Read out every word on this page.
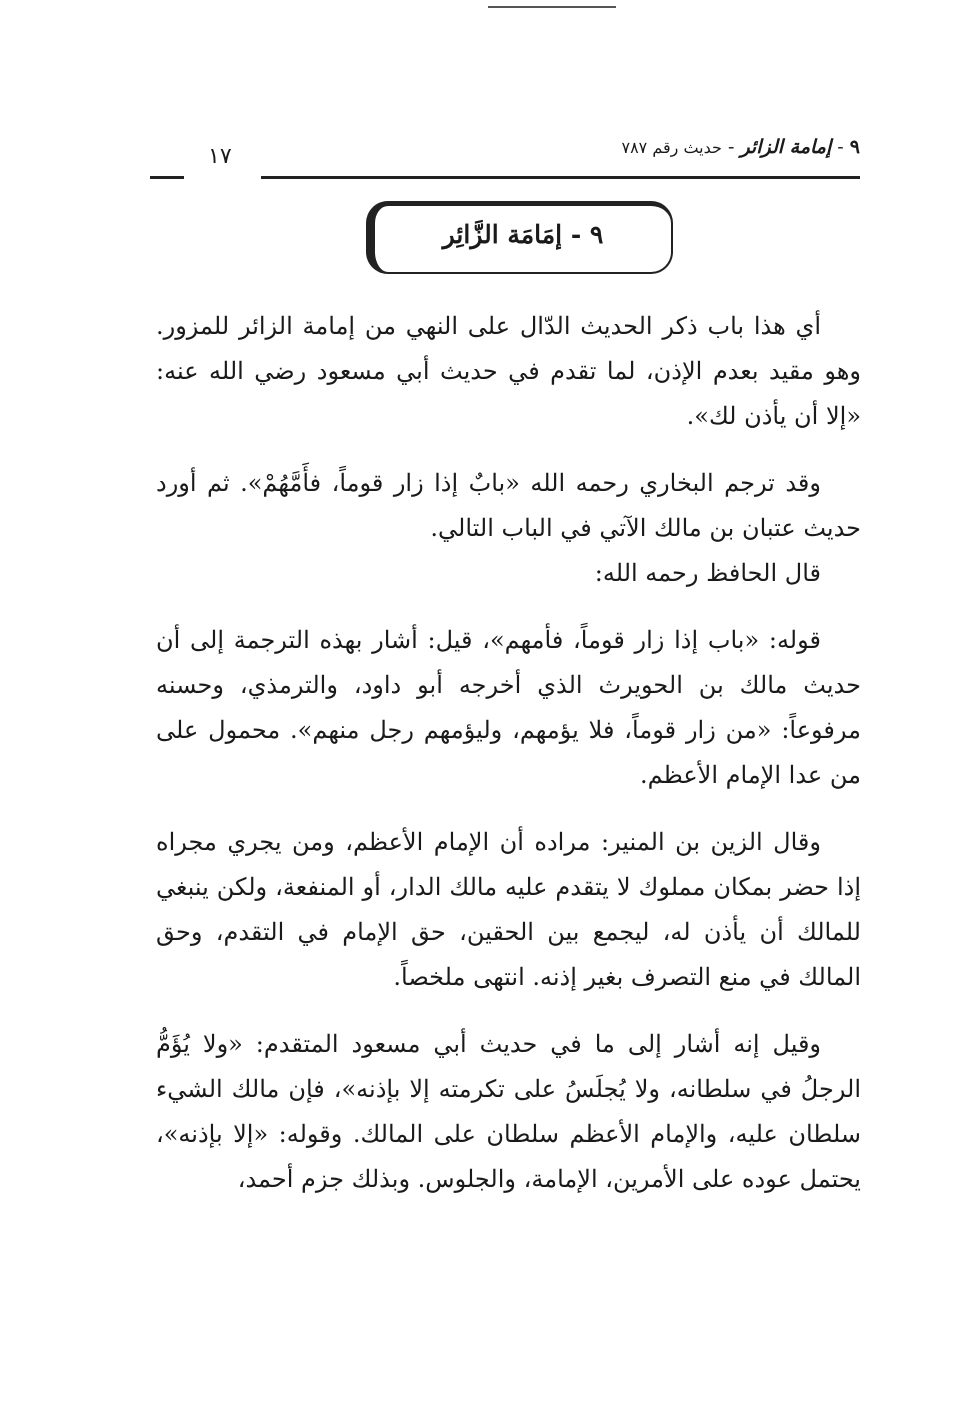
٩ - إمامة الزائر - حديث رقم ٧٨٧
١٧
٩ - إمَامَة الزَّائِر

أي هذا باب ذكر الحديث الدّال على النهي من إمامة الزائر للمزور. وهو مقيد بعدم الإذن، لما تقدم في حديث أبي مسعود رضي الله عنه: «إلا أن يأذن لك».

وقد ترجم البخاري رحمه الله «بابٌ إذا زار قوماً، فأَمَّهُمْ». ثم أورد حديث عتبان بن مالك الآتي في الباب التالي.

قال الحافظ رحمه الله:

قوله: «باب إذا زار قوماً، فأمهم»، قيل: أشار بهذه الترجمة إلى أن حديث مالك بن الحويرث الذي أخرجه أبو داود، والترمذي، وحسنه مرفوعاً: «من زار قوماً، فلا يؤمهم، وليؤمهم رجل منهم». محمول على من عدا الإمام الأعظم.

وقال الزين بن المنير: مراده أن الإمام الأعظم، ومن يجري مجراه إذا حضر بمكان مملوك لا يتقدم عليه مالك الدار، أو المنفعة، ولكن ينبغي للمالك أن يأذن له، ليجمع بين الحقين، حق الإمام في التقدم، وحق المالك في منع التصرف بغير إذنه. انتهى ملخصاً.

وقيل إنه أشار إلى ما في حديث أبي مسعود المتقدم: «ولا يُؤَمُّ الرجلُ في سلطانه، ولا يُجلَسُ على تكرمته إلا بإذنه»، فإن مالك الشيء سلطان عليه، والإمام الأعظم سلطان على المالك. وقوله: «إلا بإذنه»، يحتمل عوده على الأمرين، الإمامة، والجلوس. وبذلك جزم أحمد،
